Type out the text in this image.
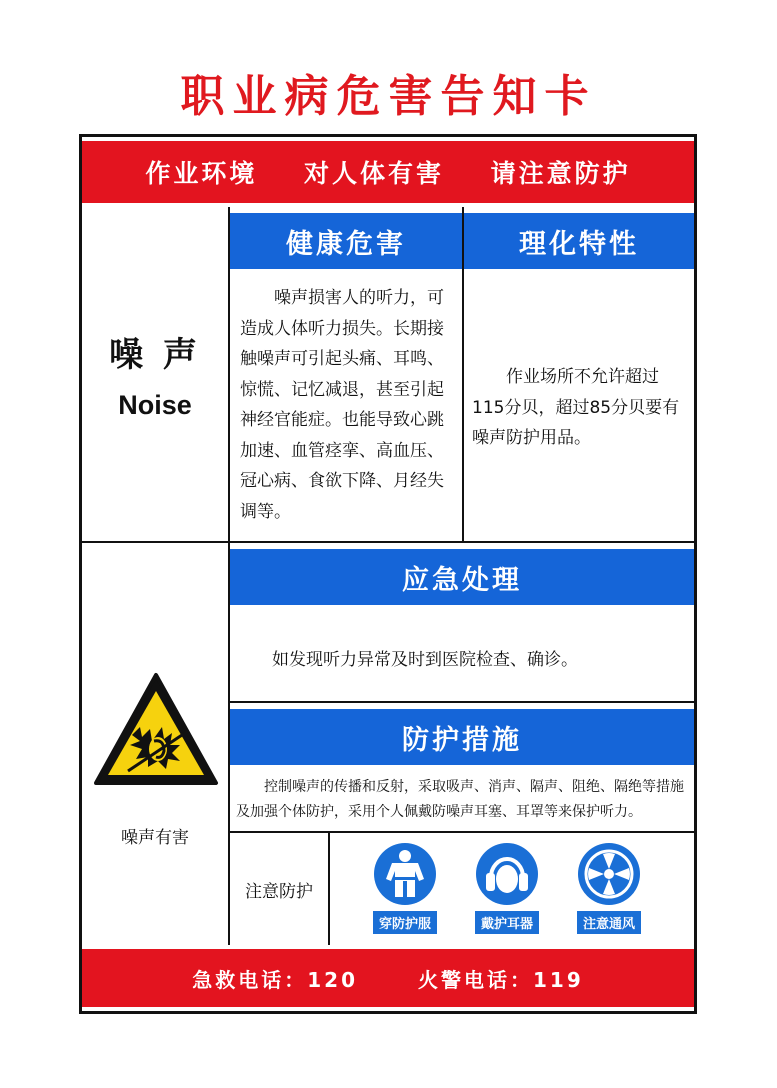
职业病危害告知卡
作业环境 对人体有害 请注意防护
噪 声
Noise
健康危害
　　噪声损害人的听力，可造成人体听力损失。长期接触噪声可引起头痛、耳鸣、惊慌、记忆减退，甚至引起神经官能症。也能导致心跳加速、血管痉挛、高血压、冠心病、食欲下降、月经失调等。
理化特性
　　作业场所不允许超过115分贝，超过85分贝要有噪声防护用品。
应急处理
如发现听力异常及时到医院检查、确诊。
防护措施
　　控制噪声的传播和反射，采取吸声、消声、隔声、阻绝、隔绝等措施及加强个体防护，采用个人佩戴防噪声耳塞、耳罩等来保护听力。
注意防护
穿防护服	戴护耳器	注意通风
噪声有害
急救电话：120	火警电话：119
